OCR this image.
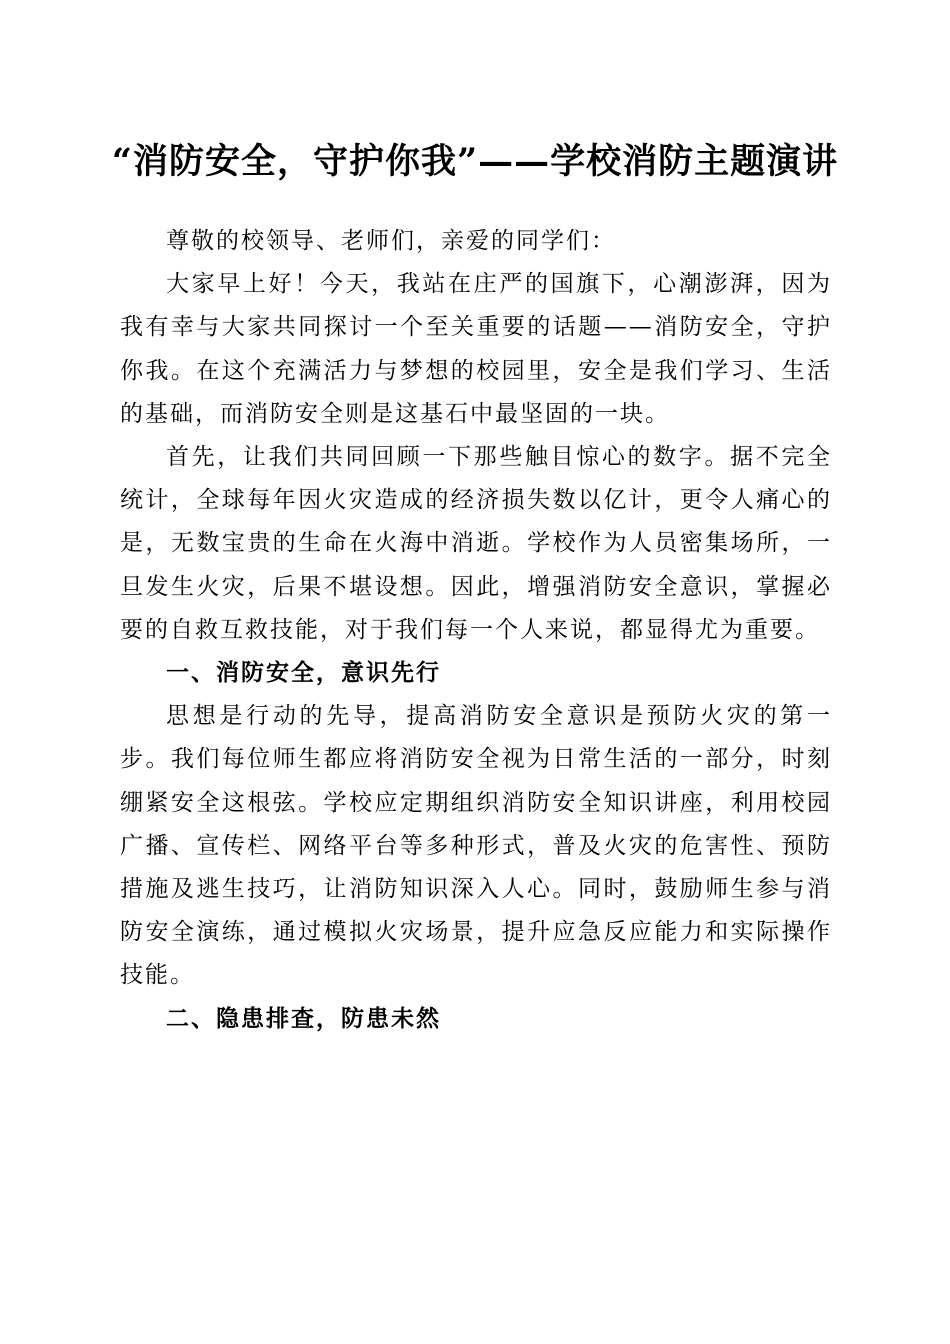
“消防安全，守护你我”——学校消防主题演讲

尊敬的校领导、老师们，亲爱的同学们：

大家早上好！今天，我站在庄严的国旗下，心潮澎湃，因为我有幸与大家共同探讨一个至关重要的话题——消防安全，守护你我。在这个充满活力与梦想的校园里，安全是我们学习、生活的基础，而消防安全则是这基石中最坚固的一块。

首先，让我们共同回顾一下那些触目惊心的数字。据不完全统计，全球每年因火灾造成的经济损失数以亿计，更令人痛心的是，无数宝贵的生命在火海中消逝。学校作为人员密集场所，一旦发生火灾，后果不堪设想。因此，增强消防安全意识，掌握必要的自救互救技能，对于我们每一个人来说，都显得尤为重要。

一、消防安全，意识先行

思想是行动的先导，提高消防安全意识是预防火灾的第一步。我们每位师生都应将消防安全视为日常生活的一部分，时刻绷紧安全这根弦。学校应定期组织消防安全知识讲座，利用校园广播、宣传栏、网络平台等多种形式，普及火灾的危害性、预防措施及逃生技巧，让消防知识深入人心。同时，鼓励师生参与消防安全演练，通过模拟火灾场景，提升应急反应能力和实际操作技能。

二、隐患排查，防患未然
